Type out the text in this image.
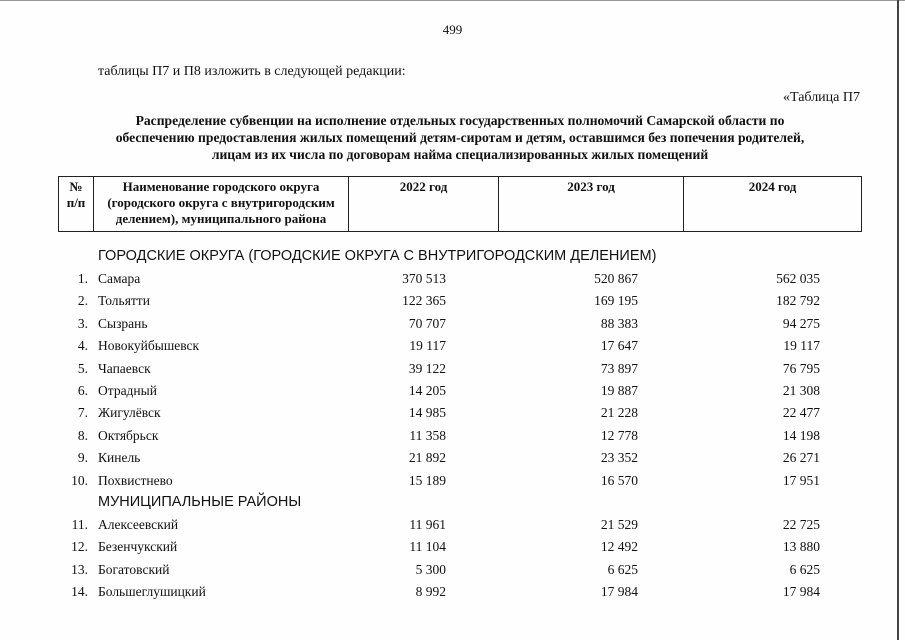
499
таблицы П7 и П8 изложить в следующей редакции:
«Таблица П7
Распределение субвенции на исполнение отдельных государственных полномочий Самарской области по
обеспечению предоставления жилых помещений детям-сиротам и детям, оставшимся без попечения родителей,
лицам из их числа по договорам найма специализированных жилых помещений
№ п/п	Наименование городского округа (городского округа с внутригородским делением), муниципального района	2022 год	2023 год	2024 год
ГОРОДСКИЕ ОКРУГА (ГОРОДСКИЕ ОКРУГА С ВНУТРИГОРОДСКИМ ДЕЛЕНИЕМ)
1. Самара	370 513	520 867	562 035
2. Тольятти	122 365	169 195	182 792
3. Сызрань	70 707	88 383	94 275
4. Новокуйбышевск	19 117	17 647	19 117
5. Чапаевск	39 122	73 897	76 795
6. Отрадный	14 205	19 887	21 308
7. Жигулёвск	14 985	21 228	22 477
8. Октябрьск	11 358	12 778	14 198
9. Кинель	21 892	23 352	26 271
10. Похвистнево	15 189	16 570	17 951
МУНИЦИПАЛЬНЫЕ РАЙОНЫ
11. Алексеевский	11 961	21 529	22 725
12. Безенчукский	11 104	12 492	13 880
13. Богатовский	5 300	6 625	6 625
14. Большеглушицкий	8 992	17 984	17 984
